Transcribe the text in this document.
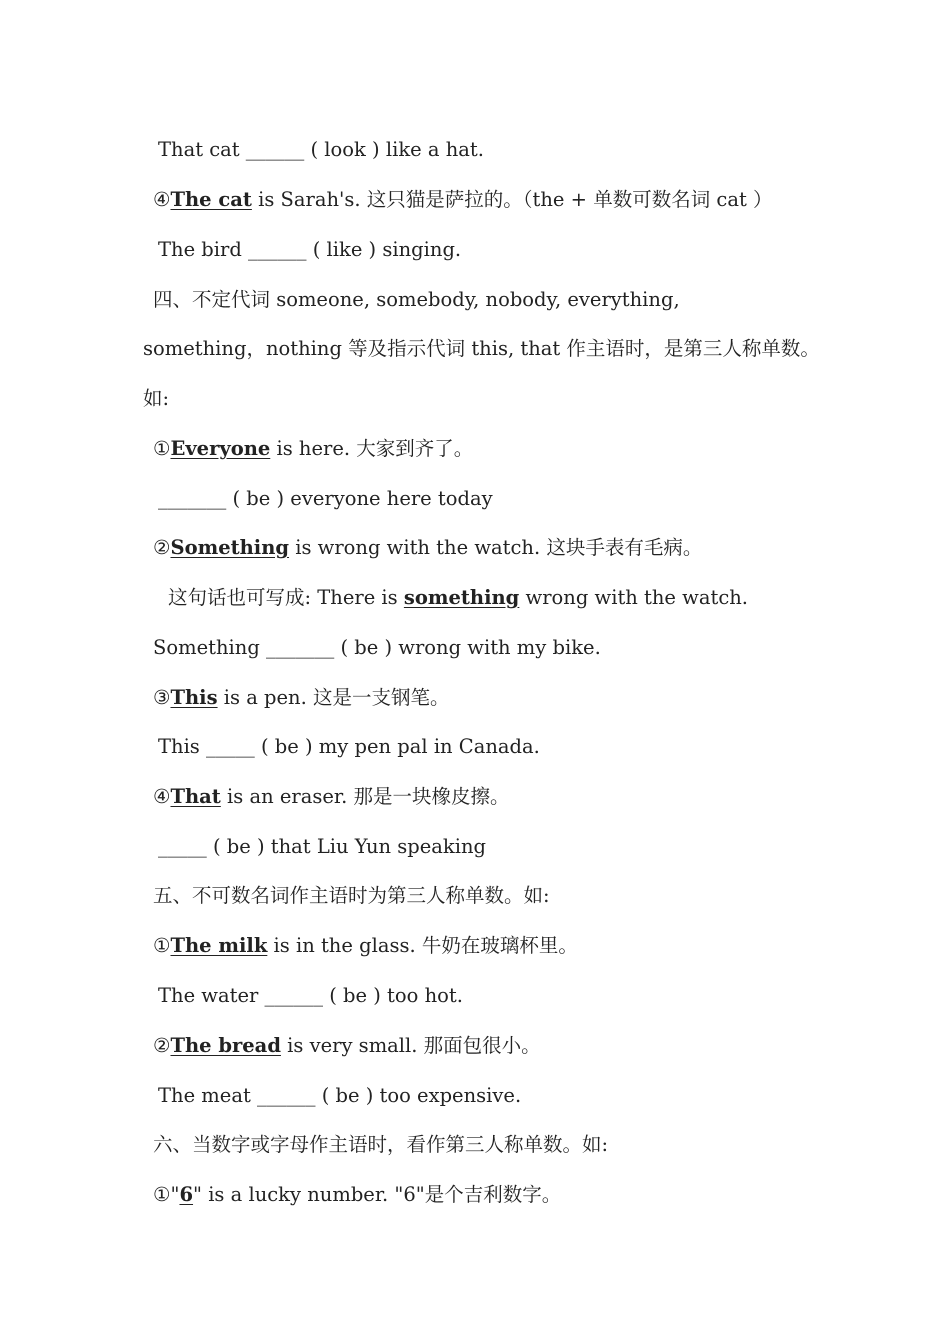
That cat ______ ( look ) like a hat.
④The cat is Sarah's. 这只猫是萨拉的。（the + 单数可数名词 cat ）
The bird ______ ( like ) singing.
四、不定代词 someone, somebody, nobody, everything,
something，nothing 等及指示代词 this, that 作主语时，是第三人称单数。
如:
①Everyone is here. 大家到齐了。
_______ ( be ) everyone here today
②Something is wrong with the watch. 这块手表有毛病。
这句话也可写成: There is something wrong with the watch.
Something _______ ( be ) wrong with my bike.
③This is a pen. 这是一支钢笔。
This _____ ( be ) my pen pal in Canada.
④That is an eraser. 那是一块橡皮擦。
_____ ( be ) that Liu Yun speaking
五、不可数名词作主语时为第三人称单数。如:
①The milk is in the glass. 牛奶在玻璃杯里。
The water ______ ( be ) too hot.
②The bread is very small. 那面包很小。
The meat ______ ( be ) too expensive.
六、当数字或字母作主语时，看作第三人称单数。如:
①"6" is a lucky number. "6"是个吉利数字。
